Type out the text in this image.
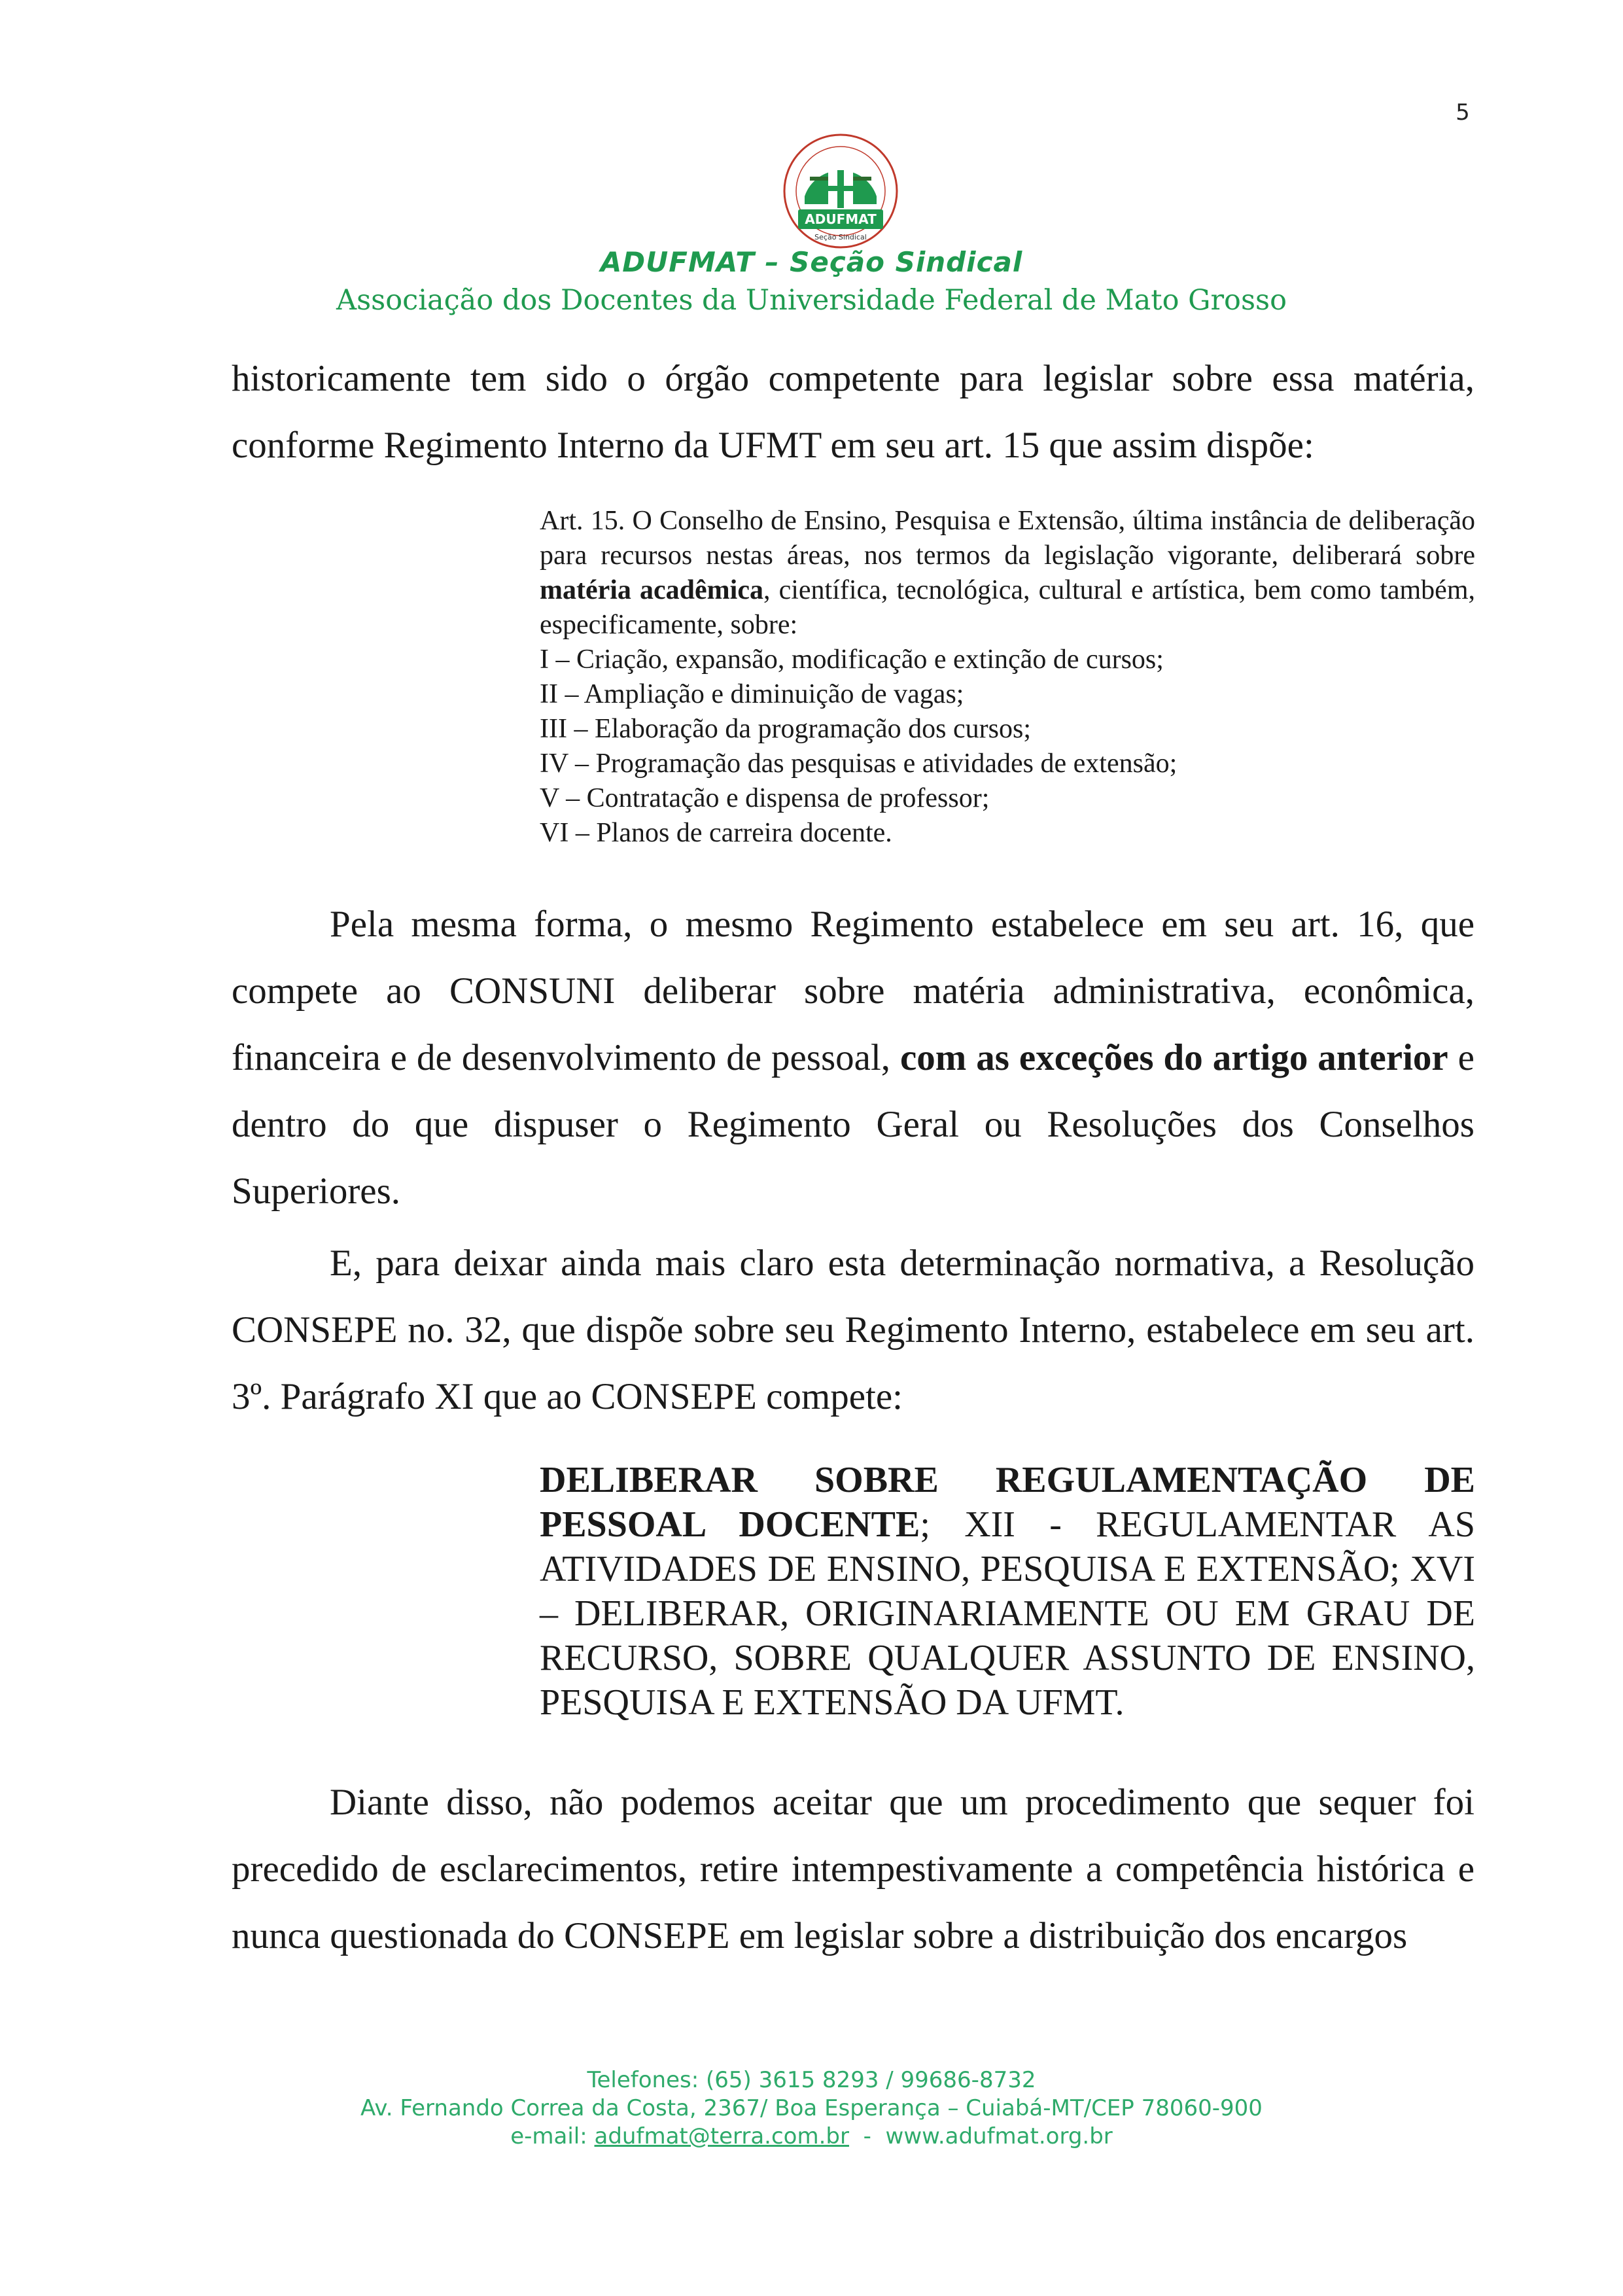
5
ADUFMAT
Seção Sindical
ADUFMAT – Seção Sindical
Associação dos Docentes da Universidade Federal de Mato Grosso
historicamente tem sido o órgão competente para legislar sobre essa matéria, conforme Regimento Interno da UFMT em seu art. 15 que assim dispõe:
Art. 15. O Conselho de Ensino, Pesquisa e Extensão, última instância de deliberação para recursos nestas áreas, nos termos da legislação vigorante, deliberará sobre matéria acadêmica, científica, tecnológica, cultural e artística, bem como também, especificamente, sobre:
I – Criação, expansão, modificação e extinção de cursos;
II – Ampliação e diminuição de vagas;
III – Elaboração da programação dos cursos;
IV – Programação das pesquisas e atividades de extensão;
V – Contratação e dispensa de professor;
VI – Planos de carreira docente.
Pela mesma forma, o mesmo Regimento estabelece em seu art. 16, que compete ao CONSUNI deliberar sobre matéria administrativa, econômica, financeira e de desenvolvimento de pessoal, com as exceções do artigo anterior e dentro do que dispuser o Regimento Geral ou Resoluções dos Conselhos Superiores.
E, para deixar ainda mais claro esta determinação normativa, a Resolução CONSEPE no. 32, que dispõe sobre seu Regimento Interno, estabelece em seu art. 3º. Parágrafo XI que ao CONSEPE compete:
DELIBERAR SOBRE REGULAMENTAÇÃO DE PESSOAL DOCENTE; XII - REGULAMENTAR AS ATIVIDADES DE ENSINO, PESQUISA E EXTENSÃO; XVI – DELIBERAR, ORIGINARIAMENTE OU EM GRAU DE RECURSO, SOBRE QUALQUER ASSUNTO DE ENSINO, PESQUISA E EXTENSÃO DA UFMT.
Diante disso, não podemos aceitar que um procedimento que sequer foi precedido de esclarecimentos, retire intempestivamente a competência histórica e nunca questionada do CONSEPE em legislar sobre a distribuição dos encargos
Telefones: (65) 3615 8293 / 99686-8732
Av. Fernando Correa da Costa, 2367/ Boa Esperança – Cuiabá-MT/CEP 78060-900
e-mail: adufmat@terra.com.br - www.adufmat.org.br
